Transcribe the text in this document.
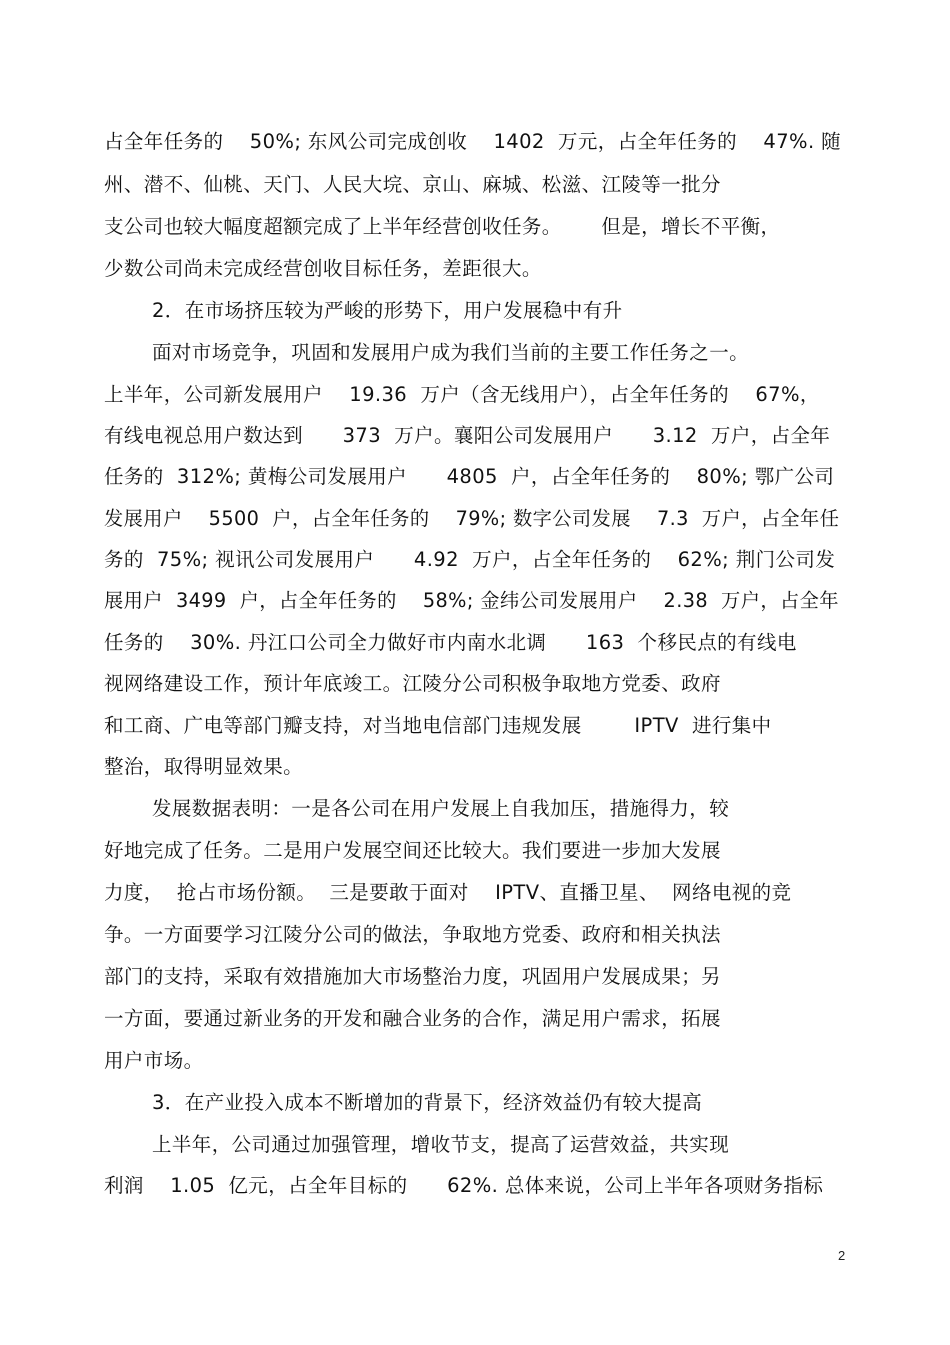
占全年任务的    50%; 东风公司完成创收    1402  万元，占全年任务的    47%. 随
州、潜不、仙桃、天门、人民大垸、京山、麻城、松滋、江陵等一批分
支公司也较大幅度超额完成了上半年经营创收任务。      但是，增长不平衡，
少数公司尚未完成经营创收目标任务，差距很大。
2．在市场挤压较为严峻的形势下，用户发展稳中有升
面对市场竞争，巩固和发展用户成为我们当前的主要工作任务之一。
上半年，公司新发展用户    19.36  万户（含无线用户），占全年任务的    67%，
有线电视总用户数达到      373  万户。襄阳公司发展用户      3.12  万户，占全年
任务的  312%; 黄梅公司发展用户      4805  户，占全年任务的    80%; 鄂广公司
发展用户    5500  户，占全年任务的    79%; 数字公司发展    7.3  万户，占全年任
务的  75%; 视讯公司发展用户      4.92  万户，占全年任务的    62%; 荆门公司发
展用户  3499  户，占全年任务的    58%; 金纬公司发展用户    2.38  万户，占全年
任务的    30%. 丹江口公司全力做好市内南水北调      163  个移民点的有线电
视网络建设工作，预计年底竣工。江陵分公司积极争取地方党委、政府
和工商、广电等部门瓣支持，对当地电信部门违规发展        IPTV  进行集中
整治，取得明显效果。
发展数据表明：一是各公司在用户发展上自我加压，措施得力，较
好地完成了任务。二是用户发展空间还比较大。我们要进一步加大发展
力度，  抢占市场份额。  三是要敢于面对    IPTV、直播卫星、  网络电视的竞
争。一方面要学习江陵分公司的做法，争取地方党委、政府和相关执法
部门的支持，采取有效措施加大市场整治力度，巩固用户发展成果；另
一方面，要通过新业务的开发和融合业务的合作，满足用户需求，拓展
用户市场。
3．在产业投入成本不断增加的背景下，经济效益仍有较大提高
上半年，公司通过加强管理，增收节支，提高了运营效益，共实现
利润    1.05  亿元，占全年目标的      62%. 总体来说，公司上半年各项财务指标
2
